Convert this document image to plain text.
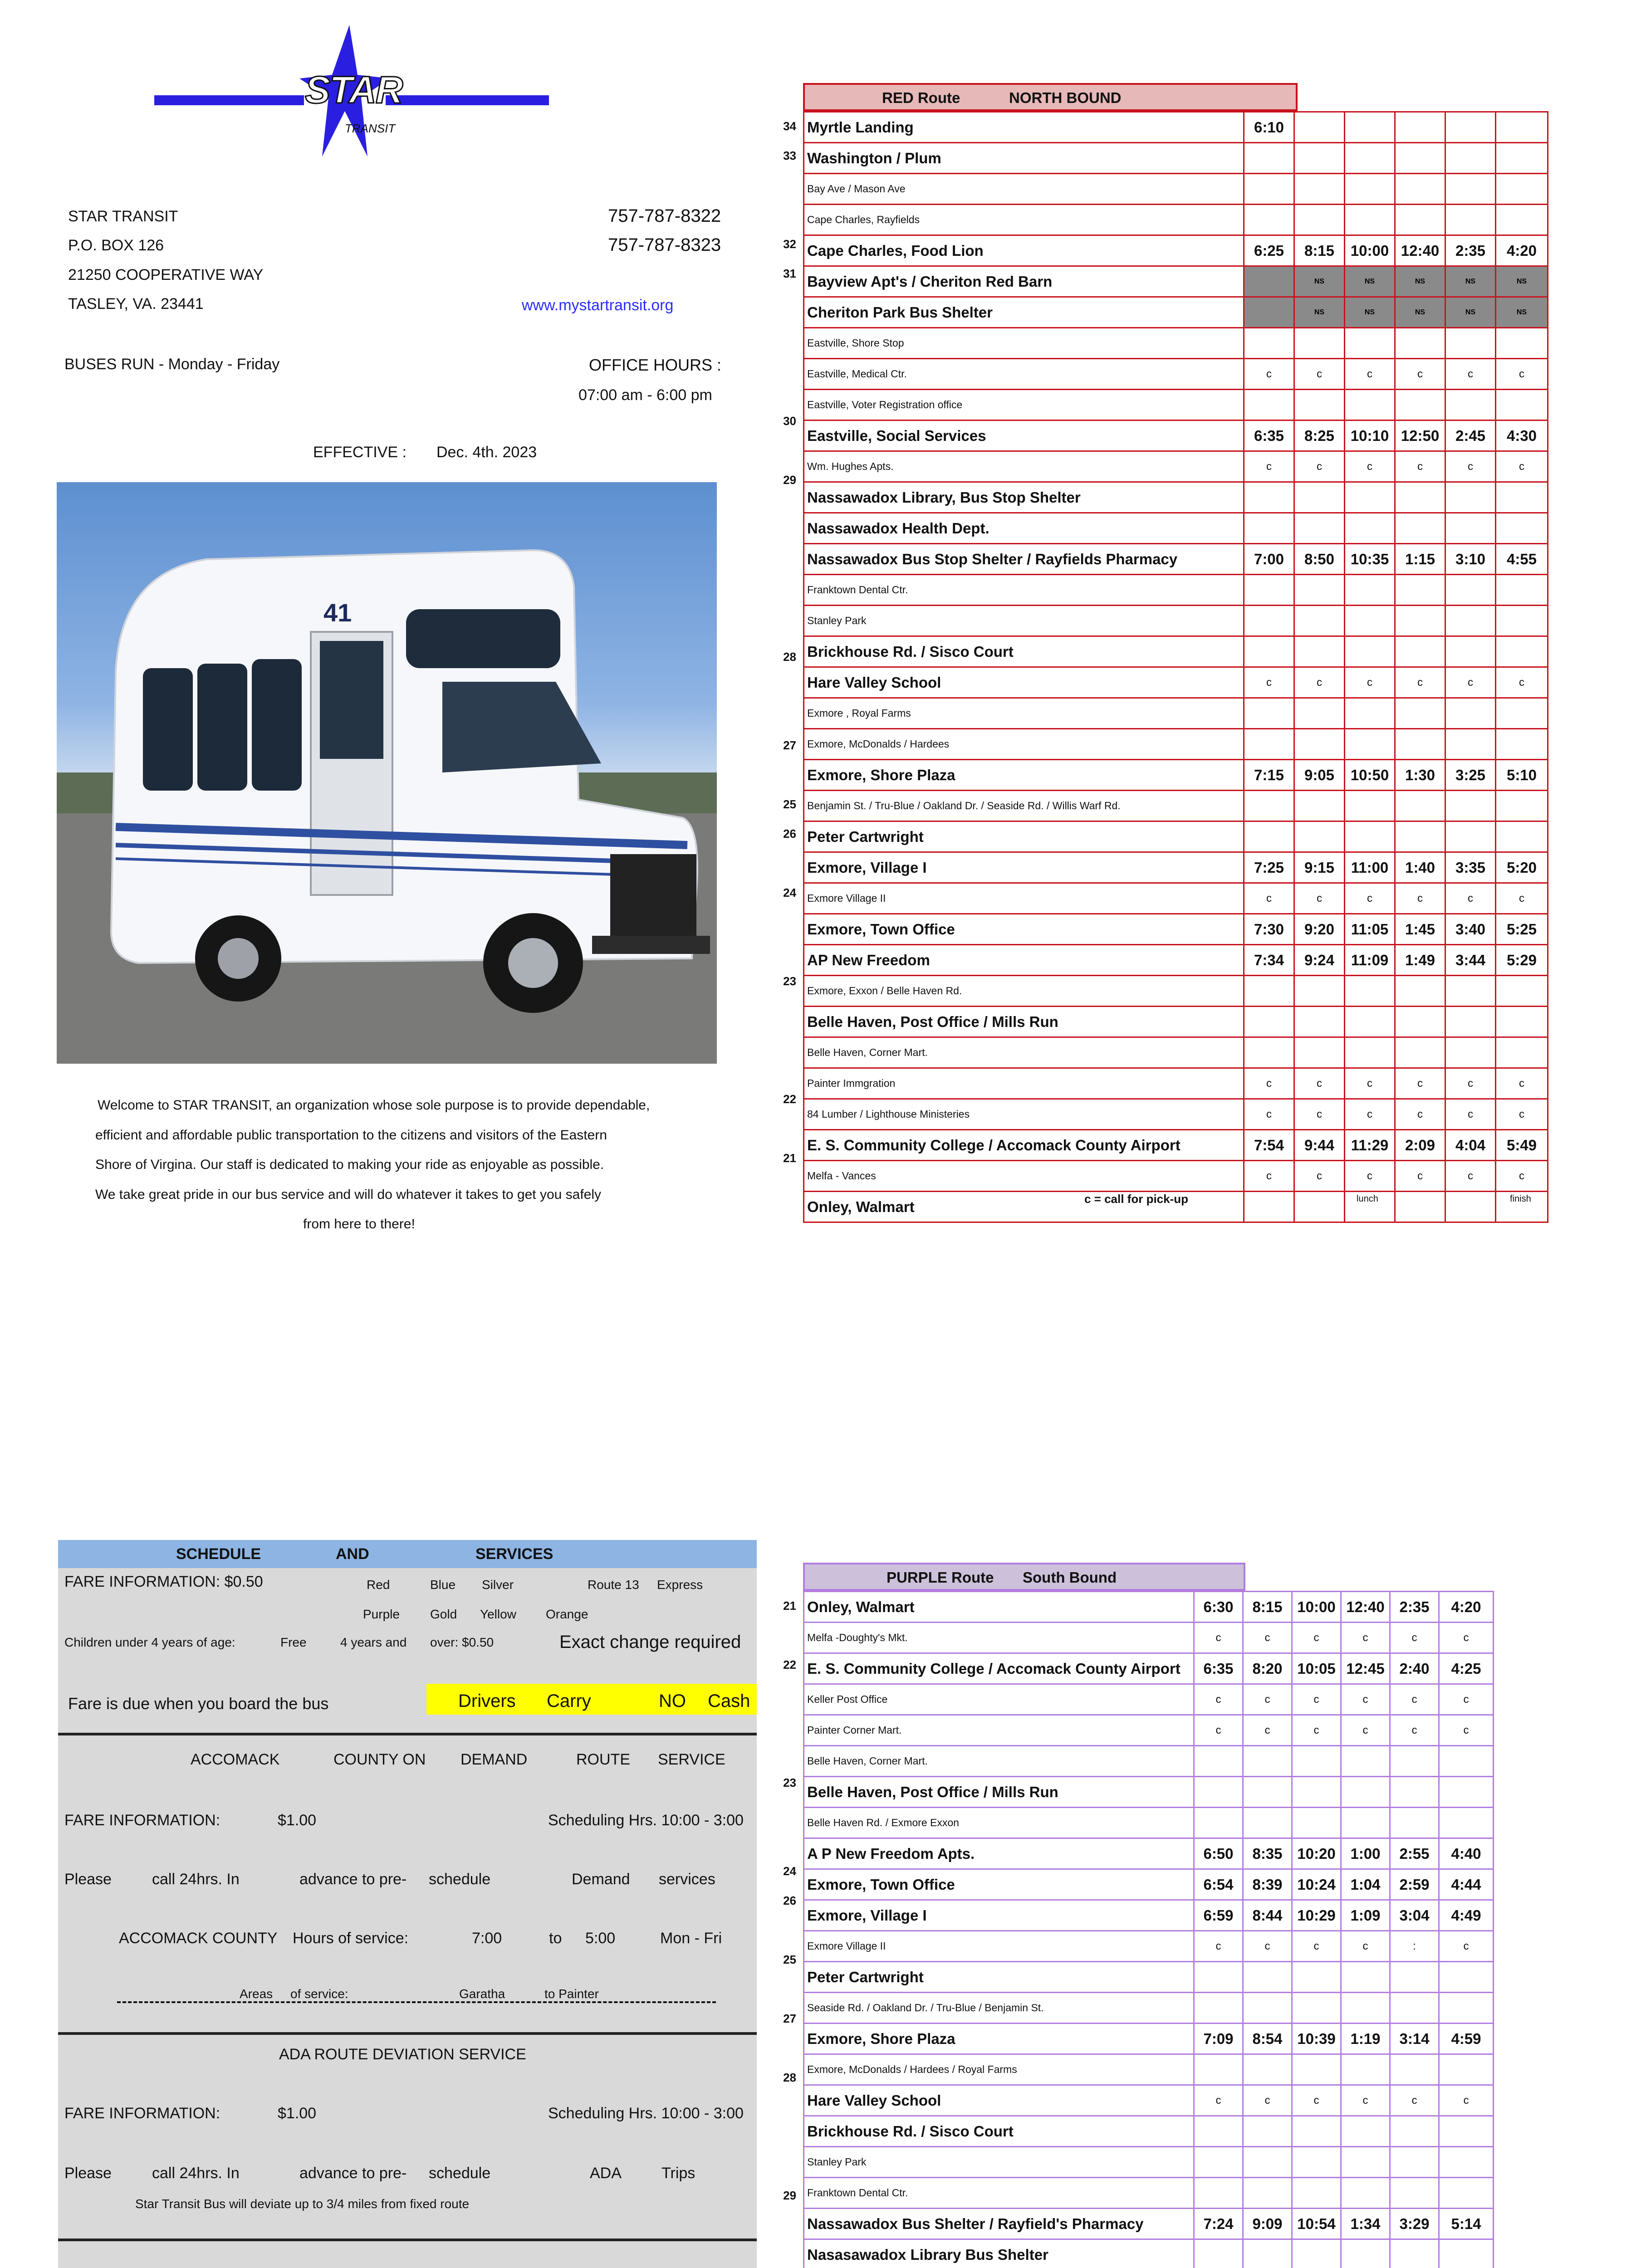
STAR
TRANSIT
STAR TRANSIT
P.O. BOX 126
21250 COOPERATIVE WAY
TASLEY, VA. 23441
757-787-8322
757-787-8323
www.mystartransit.org
BUSES RUN - Monday - Friday	OFFICE HOURS :
07:00 am - 6:00 pm
EFFECTIVE : Dec. 4th. 2023
41
Welcome to STAR TRANSIT, an organization whose sole purpose is to provide dependable,
efficient and affordable public transportation to the citizens and visitors of the Eastern
Shore of Virgina. Our staff is dedicated to making your ride as enjoyable as possible.
We take great pride in our bus service and will do whatever it takes to get you safely
from here to there!
RED Route	NORTH BOUND
34
33
32
31
30
29
28
27
25
26
24
23
22
21
Myrtle Landing	6:10					
Washington / Plum						
Bay Ave / Mason Ave						
Cape Charles, Rayfields						
Cape Charles, Food Lion	6:25	8:15	10:00	12:40	2:35	4:20
Bayview Apt's / Cheriton Red Barn		NS	NS	NS	NS	NS
Cheriton Park Bus Shelter		NS	NS	NS	NS	NS
Eastville, Shore Stop						
Eastville, Medical Ctr.	c	c	c	c	c	c
Eastville, Voter Registration office						
Eastville, Social Services	6:35	8:25	10:10	12:50	2:45	4:30
Wm. Hughes Apts.	c	c	c	c	c	c
Nassawadox Library, Bus Stop Shelter						
Nassawadox Health Dept.						
Nassawadox Bus Stop Shelter / Rayfields Pharmacy	7:00	8:50	10:35	1:15	3:10	4:55
Franktown Dental Ctr.						
Stanley Park						
Brickhouse Rd. / Sisco Court						
Hare Valley School	c	c	c	c	c	c
Exmore , Royal Farms						
Exmore, McDonalds / Hardees						
Exmore, Shore Plaza	7:15	9:05	10:50	1:30	3:25	5:10
Benjamin St. / Tru-Blue / Oakland Dr. / Seaside Rd. / Willis Warf Rd.						
Peter Cartwright						
Exmore, Village I	7:25	9:15	11:00	1:40	3:35	5:20
Exmore Village II	c	c	c	c	c	c
Exmore, Town Office	7:30	9:20	11:05	1:45	3:40	5:25
AP New Freedom	7:34	9:24	11:09	1:49	3:44	5:29
Exmore, Exxon / Belle Haven Rd.						
Belle Haven, Post Office / Mills Run						
Belle Haven, Corner Mart.						
Painter Immgration	c	c	c	c	c	c
84 Lumber / Lighthouse Ministeries	c	c	c	c	c	c
E. S. Community College / Accomack County Airport	7:54	9:44	11:29	2:09	4:04	5:49
Melfa - Vances	c	c	c	c	c	c
Onley, Walmart							c = call for pick-up	lunch	finish
SCHEDULE	AND	SERVICES
FARE INFORMATION: $0.50	Red	Blue Silver	Route 13 Express
Purple Gold Yellow Orange
Children under 4 years of age:	Free	4 years and over: $0.50	Exact change required
Fare is due when you board the bus	Drivers Carry	NO Cash
ACCOMACK	COUNTY ON DEMAND	ROUTE SERVICE
FARE INFORMATION:	$1.00	Scheduling Hrs. 10:00 - 3:00
Please	call 24hrs. In	advance to pre- schedule	Demand services
ACCOMACK COUNTY Hours of service:	7:00	to 5:00	Mon - Fri
Areas of service:	Garatha	to Painter
ADA ROUTE DEVIATION SERVICE
FARE INFORMATION:	$1.00	Scheduling Hrs. 10:00 - 3:00
Please	call 24hrs. In	advance to pre- schedule	ADA	Trips
Star Transit Bus will deviate up to 3/4 miles from fixed route
PURPLE Route South Bound
21
22
23
24
26
25
27
28
29
Onley, Walmart	6:30	8:15	10:00	12:40	2:35	4:20
Melfa -Doughty's Mkt.	c	c	c	c	c	c
E. S. Community College / Accomack County Airport	6:35	8:20	10:05	12:45	2:40	4:25
Keller Post Office	c	c	c	c	c	c
Painter Corner Mart.	c	c	c	c	c	c
Belle Haven, Corner Mart.						
Belle Haven, Post Office / Mills Run						
Belle Haven Rd. / Exmore Exxon						
A P New Freedom Apts.	6:50	8:35	10:20	1:00	2:55	4:40
Exmore, Town Office	6:54	8:39	10:24	1:04	2:59	4:44
Exmore, Village I	6:59	8:44	10:29	1:09	3:04	4:49
Exmore Village II	c	c	c	c	:	c
Peter Cartwright						
Seaside Rd. / Oakland Dr. / Tru-Blue / Benjamin St.						
Exmore, Shore Plaza	7:09	8:54	10:39	1:19	3:14	4:59
Exmore, McDonalds / Hardees / Royal Farms						
Hare Valley School	c	c	c	c	c	c
Brickhouse Rd. / Sisco Court						
Stanley Park						
Franktown Dental Ctr.						
Nassawadox Bus Shelter / Rayfield's Pharmacy	7:24	9:09	10:54	1:34	3:29	5:14
Nasasawadox Library Bus Shelter						
